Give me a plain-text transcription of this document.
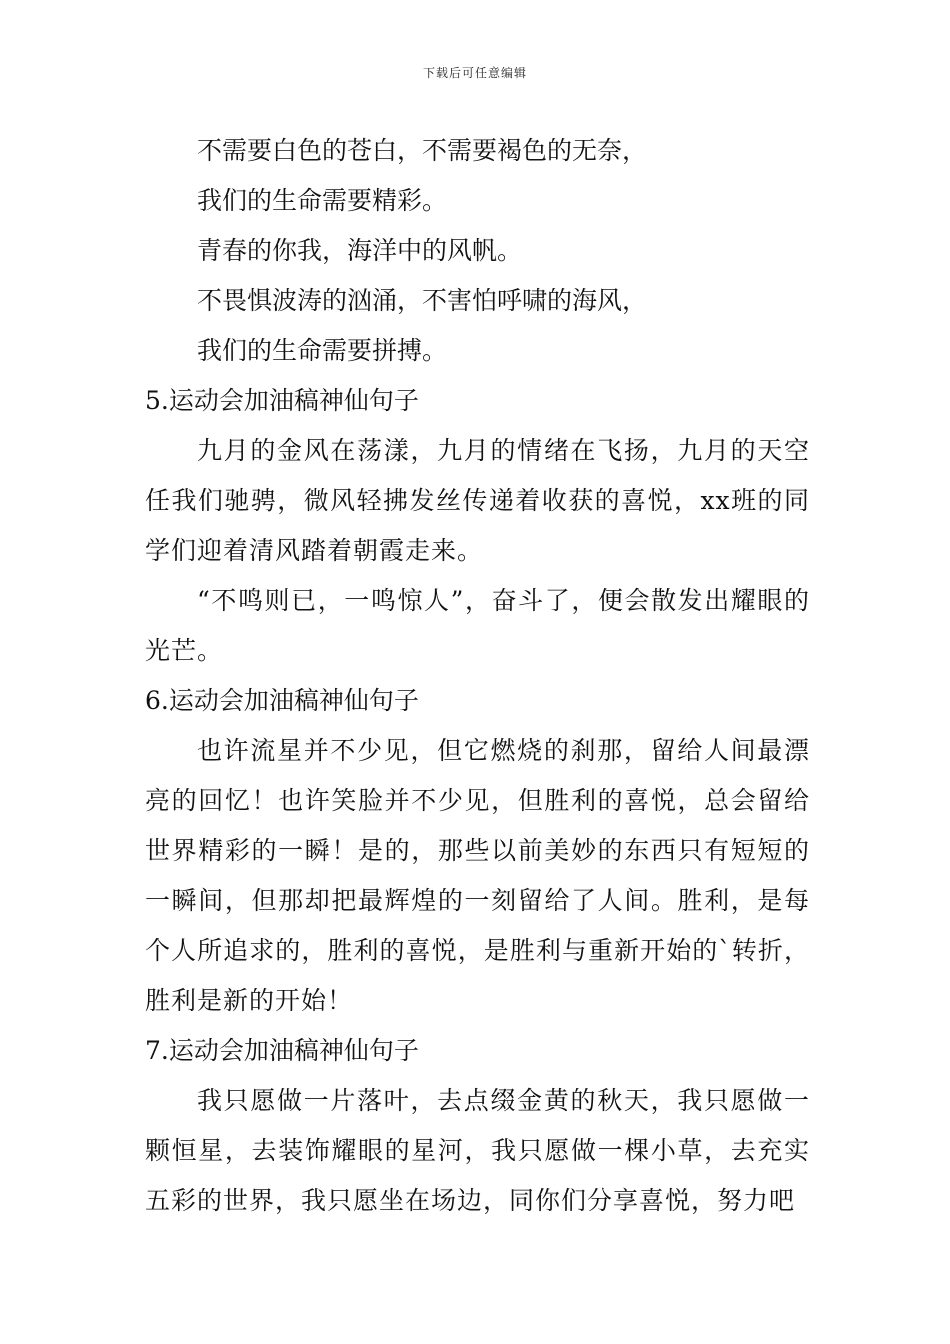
下载后可任意编辑

不需要白色的苍白，不需要褐色的无奈，

我们的生命需要精彩。

青春的你我，海洋中的风帆。

不畏惧波涛的汹涌，不害怕呼啸的海风，

我们的生命需要拼搏。

5.运动会加油稿神仙句子

九月的金风在荡漾，九月的情绪在飞扬，九月的天空任我们驰骋，微风轻拂发丝传递着收获的喜悦，xx班的同学们迎着清风踏着朝霞走来。

“不鸣则已，一鸣惊人”，奋斗了，便会散发出耀眼的光芒。

6.运动会加油稿神仙句子

也许流星并不少见，但它燃烧的刹那，留给人间最漂亮的回忆！也许笑脸并不少见，但胜利的喜悦，总会留给世界精彩的一瞬！是的，那些以前美妙的东西只有短短的一瞬间，但那却把最辉煌的一刻留给了人间。胜利，是每个人所追求的，胜利的喜悦，是胜利与重新开始的`转折，胜利是新的开始！

7.运动会加油稿神仙句子

我只愿做一片落叶，去点缀金黄的秋天，我只愿做一颗恒星，去装饰耀眼的星河，我只愿做一棵小草，去充实五彩的世界，我只愿坐在场边，同你们分享喜悦，努力吧
